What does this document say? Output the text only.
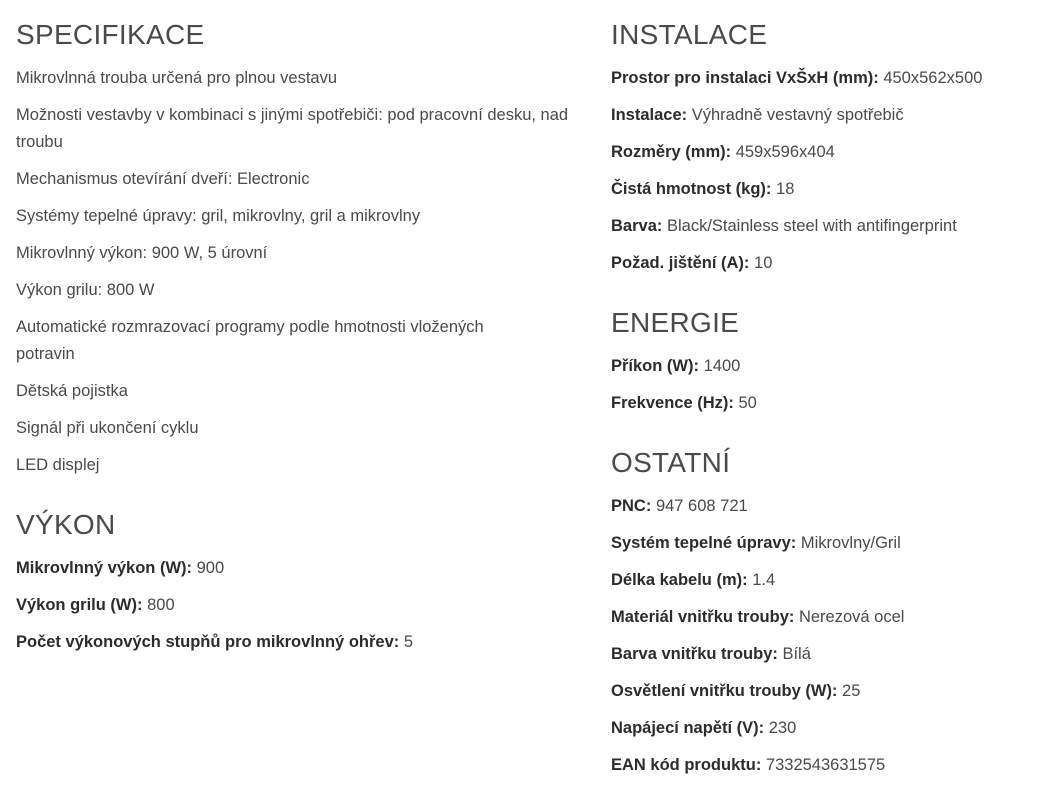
SPECIFIKACE
Mikrovlnná trouba určená pro plnou vestavu
Možnosti vestavby v kombinaci s jinými spotřebiči: pod pracovní desku, nad troubu
Mechanismus otevírání dveří: Electronic
Systémy tepelné úpravy: gril, mikrovlny, gril a mikrovlny
Mikrovlnný výkon: 900 W, 5 úrovní
Výkon grilu: 800 W
Automatické rozmrazovací programy podle hmotnosti vložených potravin
Dětská pojistka
Signál při ukončení cyklu
LED displej
VÝKON
Mikrovlnný výkon (W): 900
Výkon grilu (W): 800
Počet výkonových stupňů pro mikrovlnný ohřev: 5
INSTALACE
Prostor pro instalaci VxŠxH (mm): 450x562x500
Instalace: Výhradně vestavný spotřebič
Rozměry (mm): 459x596x404
Čistá hmotnost (kg): 18
Barva: Black/Stainless steel with antifingerprint
Požad. jištění (A): 10
ENERGIE
Příkon (W): 1400
Frekvence (Hz): 50
OSTATNÍ
PNC: 947 608 721
Systém tepelné úpravy: Mikrovlny/Gril
Délka kabelu (m): 1.4
Materiál vnitřku trouby: Nerezová ocel
Barva vnitřku trouby: Bílá
Osvětlení vnitřku trouby (W): 25
Napájecí napětí (V): 230
EAN kód produktu: 7332543631575
